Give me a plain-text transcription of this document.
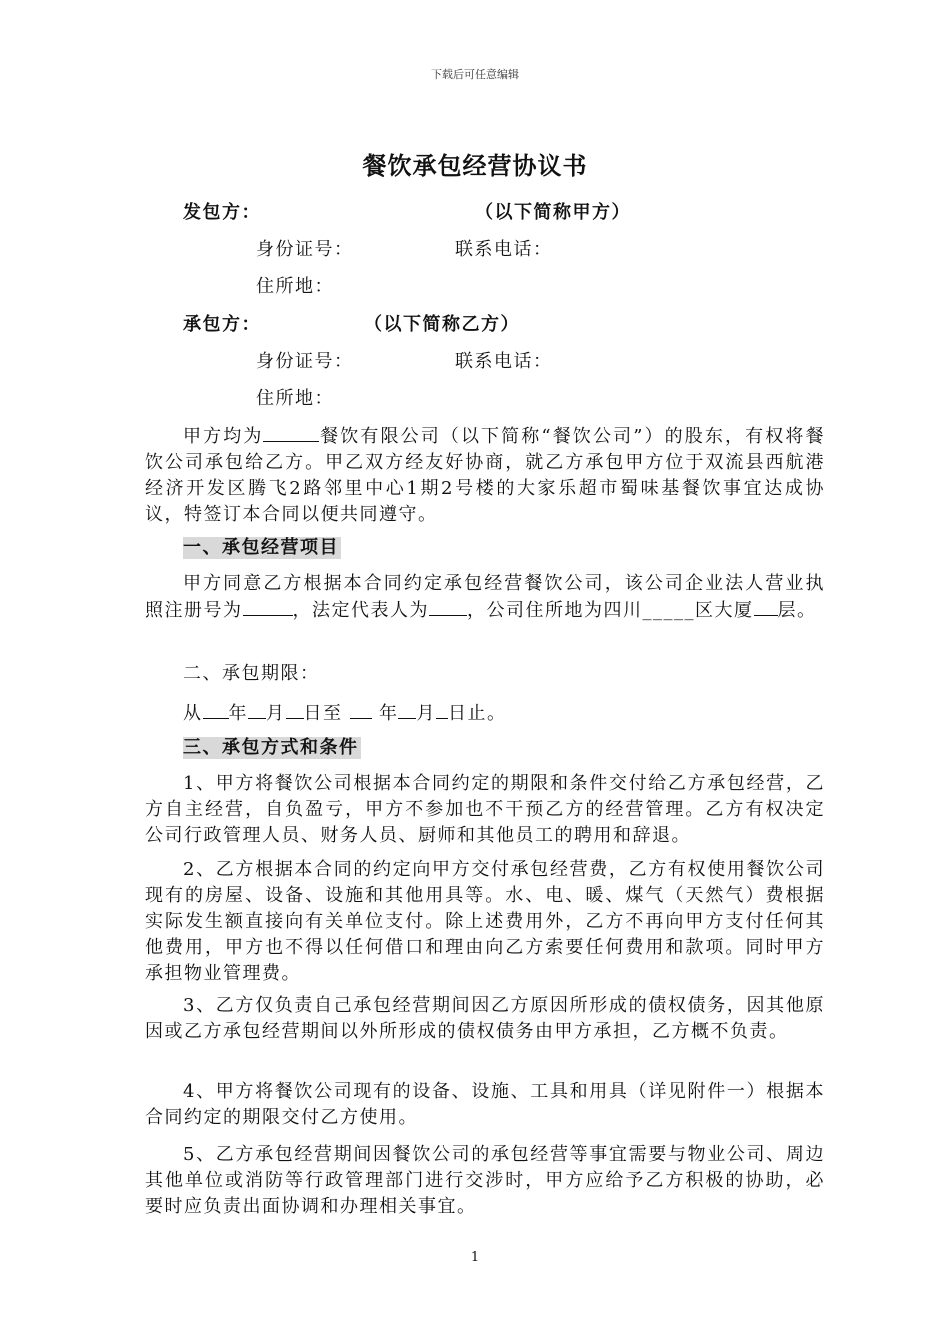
下载后可任意编辑
餐饮承包经营协议书
发包方：	（以下简称甲方）
身份证号：	联系电话：
住所地：
承包方：	（以下简称乙方）
身份证号：	联系电话：
住所地：
甲方均为	餐饮有限公司（以下简称“餐饮公司”）的股东，有权将餐饮公司承包给乙方。甲乙双方经友好协商，就乙方承包甲方位于双流县西航港经济开发区腾飞2路邻里中心1期2号楼的大家乐超市蜀味基餐饮事宜达成协议，特签订本合同以便共同遵守。
一、承包经营项目
甲方同意乙方根据本合同约定承包经营餐饮公司，该公司企业法人营业执照注册号为	，法定代表人为 ，公司住所地为四川_____区大厦 层。
二、承包期限：
从 年 月 日至 年 月 日止。
三、承包方式和条件
1、甲方将餐饮公司根据本合同约定的期限和条件交付给乙方承包经营，乙方自主经营，自负盈亏，甲方不参加也不干预乙方的经营管理。乙方有权决定公司行政管理人员、财务人员、厨师和其他员工的聘用和辞退。
2、乙方根据本合同的约定向甲方交付承包经营费，乙方有权使用餐饮公司现有的房屋、设备、设施和其他用具等。水、电、暖、煤气（天然气）费根据实际发生额直接向有关单位支付。除上述费用外，乙方不再向甲方支付任何其他费用，甲方也不得以任何借口和理由向乙方索要任何费用和款项。同时甲方承担物业管理费。
3、乙方仅负责自己承包经营期间因乙方原因所形成的债权债务，因其他原因或乙方承包经营期间以外所形成的债权债务由甲方承担，乙方概不负责。
4、甲方将餐饮公司现有的设备、设施、工具和用具（详见附件一）根据本合同约定的期限交付乙方使用。
5、乙方承包经营期间因餐饮公司的承包经营等事宜需要与物业公司、周边其他单位或消防等行政管理部门进行交涉时，甲方应给予乙方积极的协助，必要时应负责出面协调和办理相关事宜。
1
